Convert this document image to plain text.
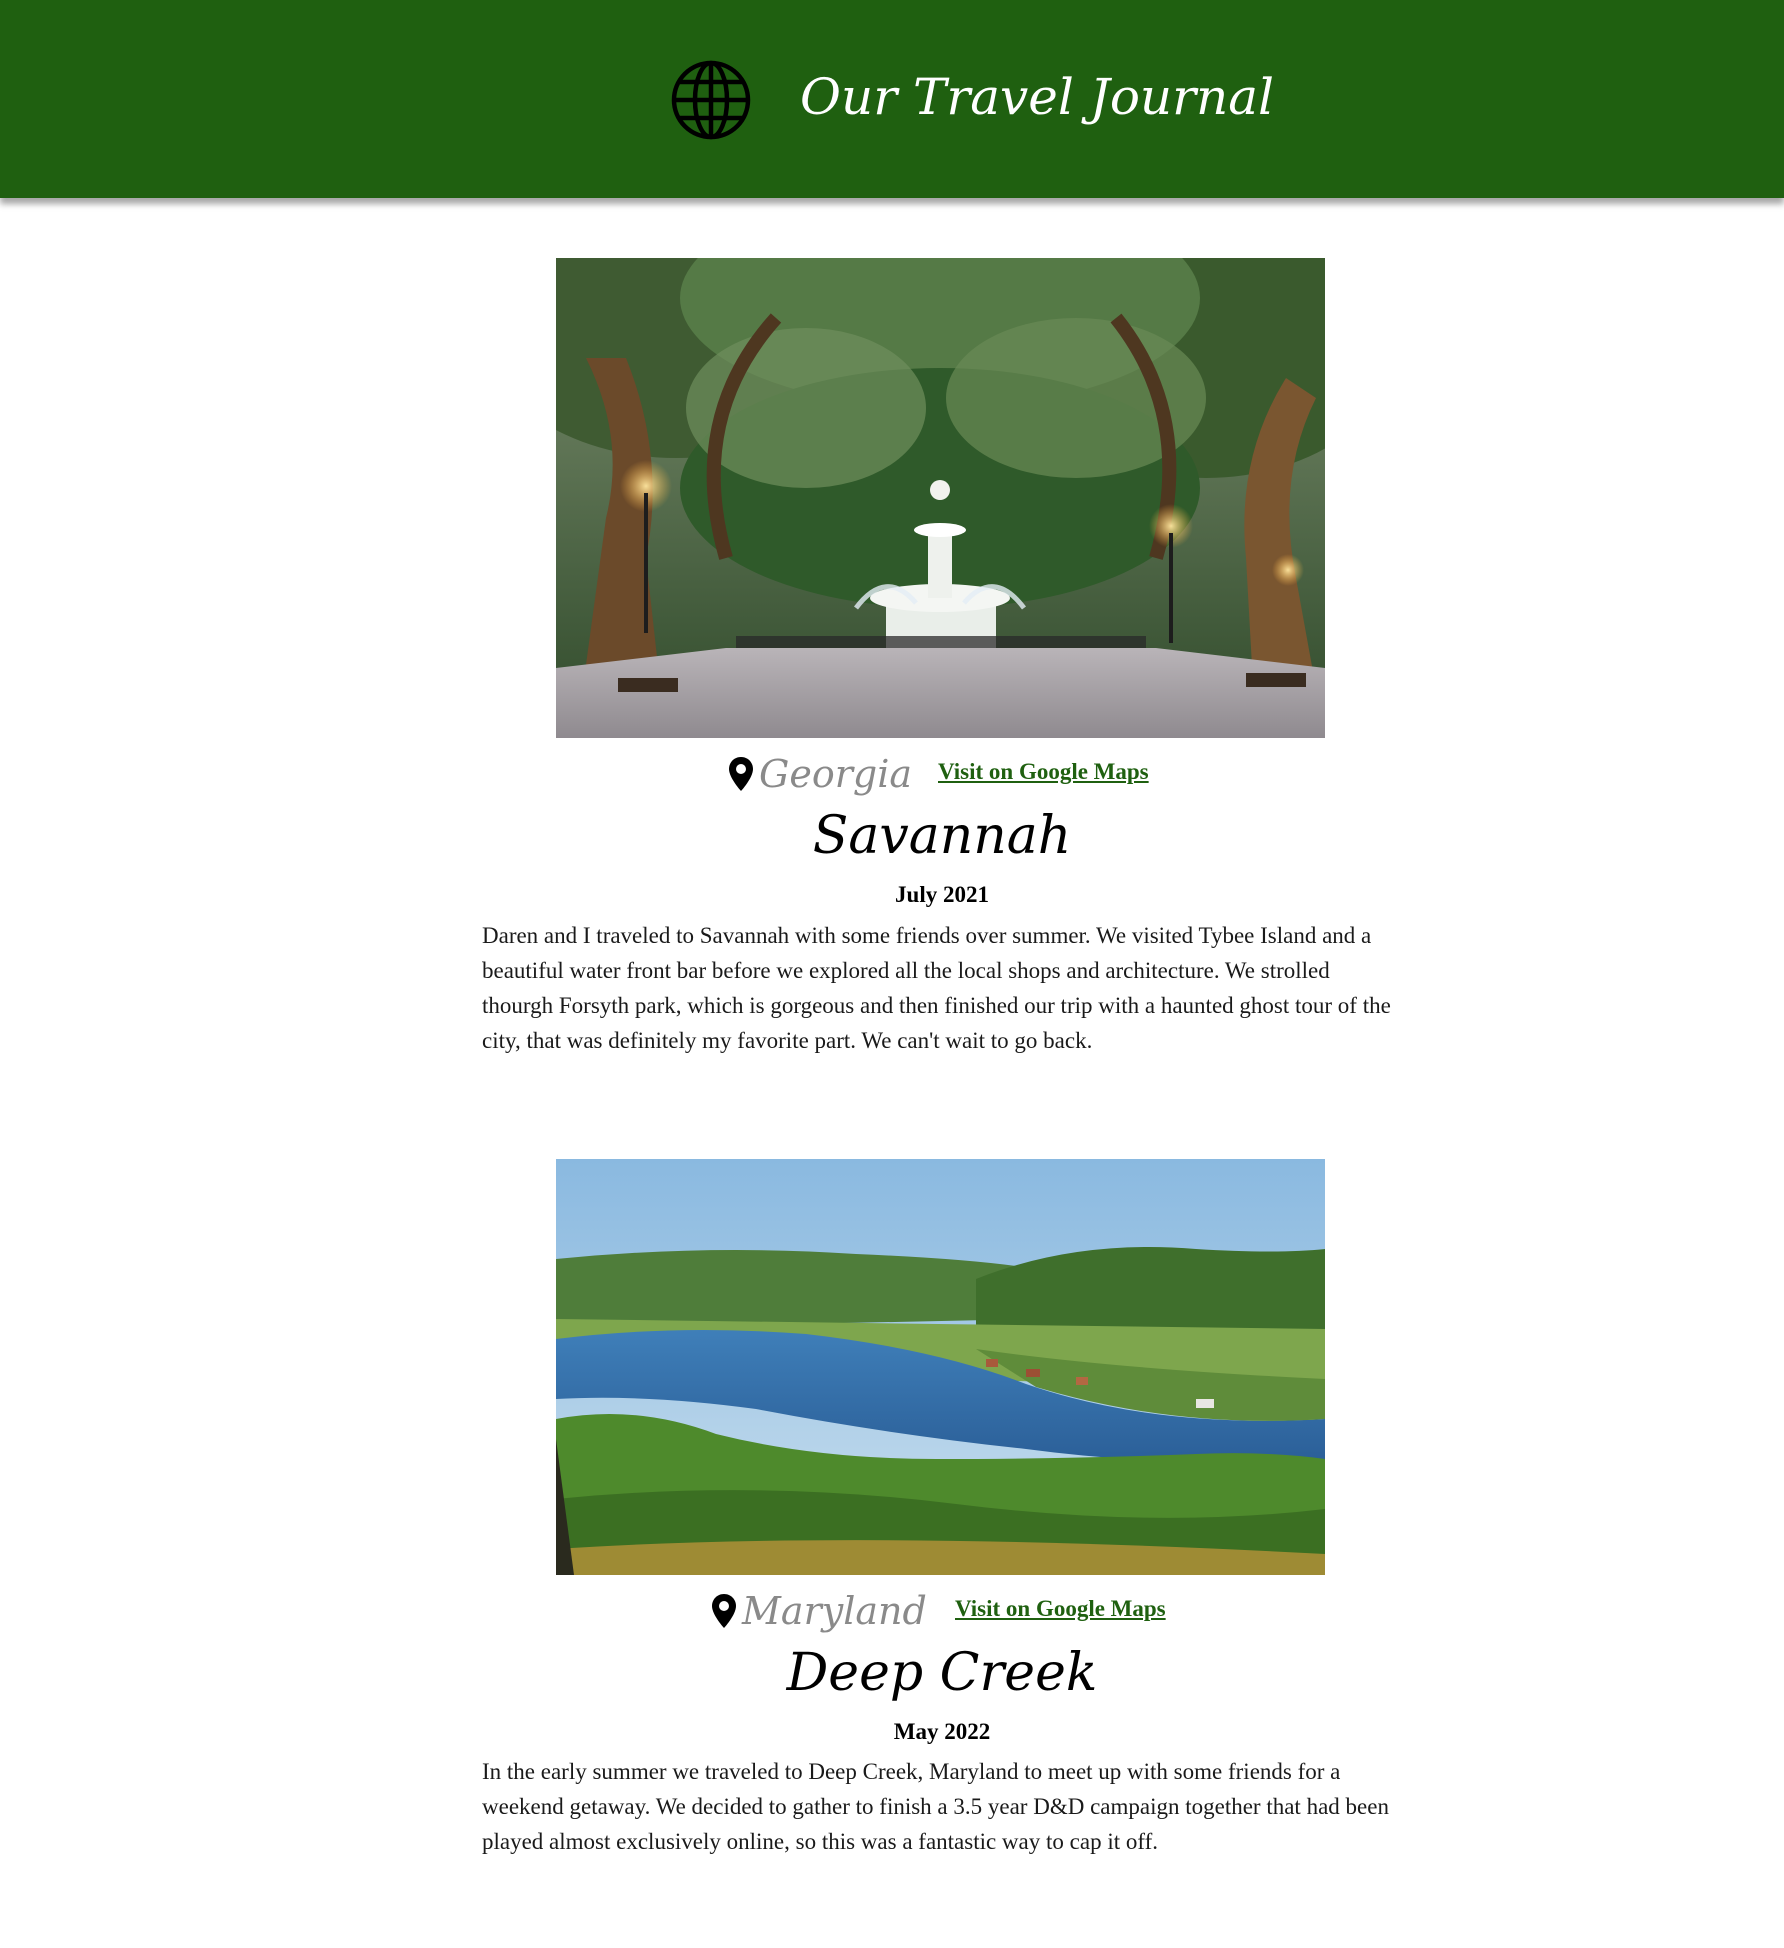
Our Travel Journal
Georgia Visit on Google Maps
Savannah
July 2021

Daren and I traveled to Savannah with some friends over summer. We visited Tybee Island and a beautiful water front bar before we explored all the local shops and architecture. We strolled thourgh Forsyth park, which is gorgeous and then finished our trip with a haunted ghost tour of the city, that was definitely my favorite part. We can't wait to go back.

Maryland Visit on Google Maps
Deep Creek
May 2022

In the early summer we traveled to Deep Creek, Maryland to meet up with some friends for a weekend getaway. We decided to gather to finish a 3.5 year D&D campaign together that had been played almost exclusively online, so this was a fantastic way to cap it off.
